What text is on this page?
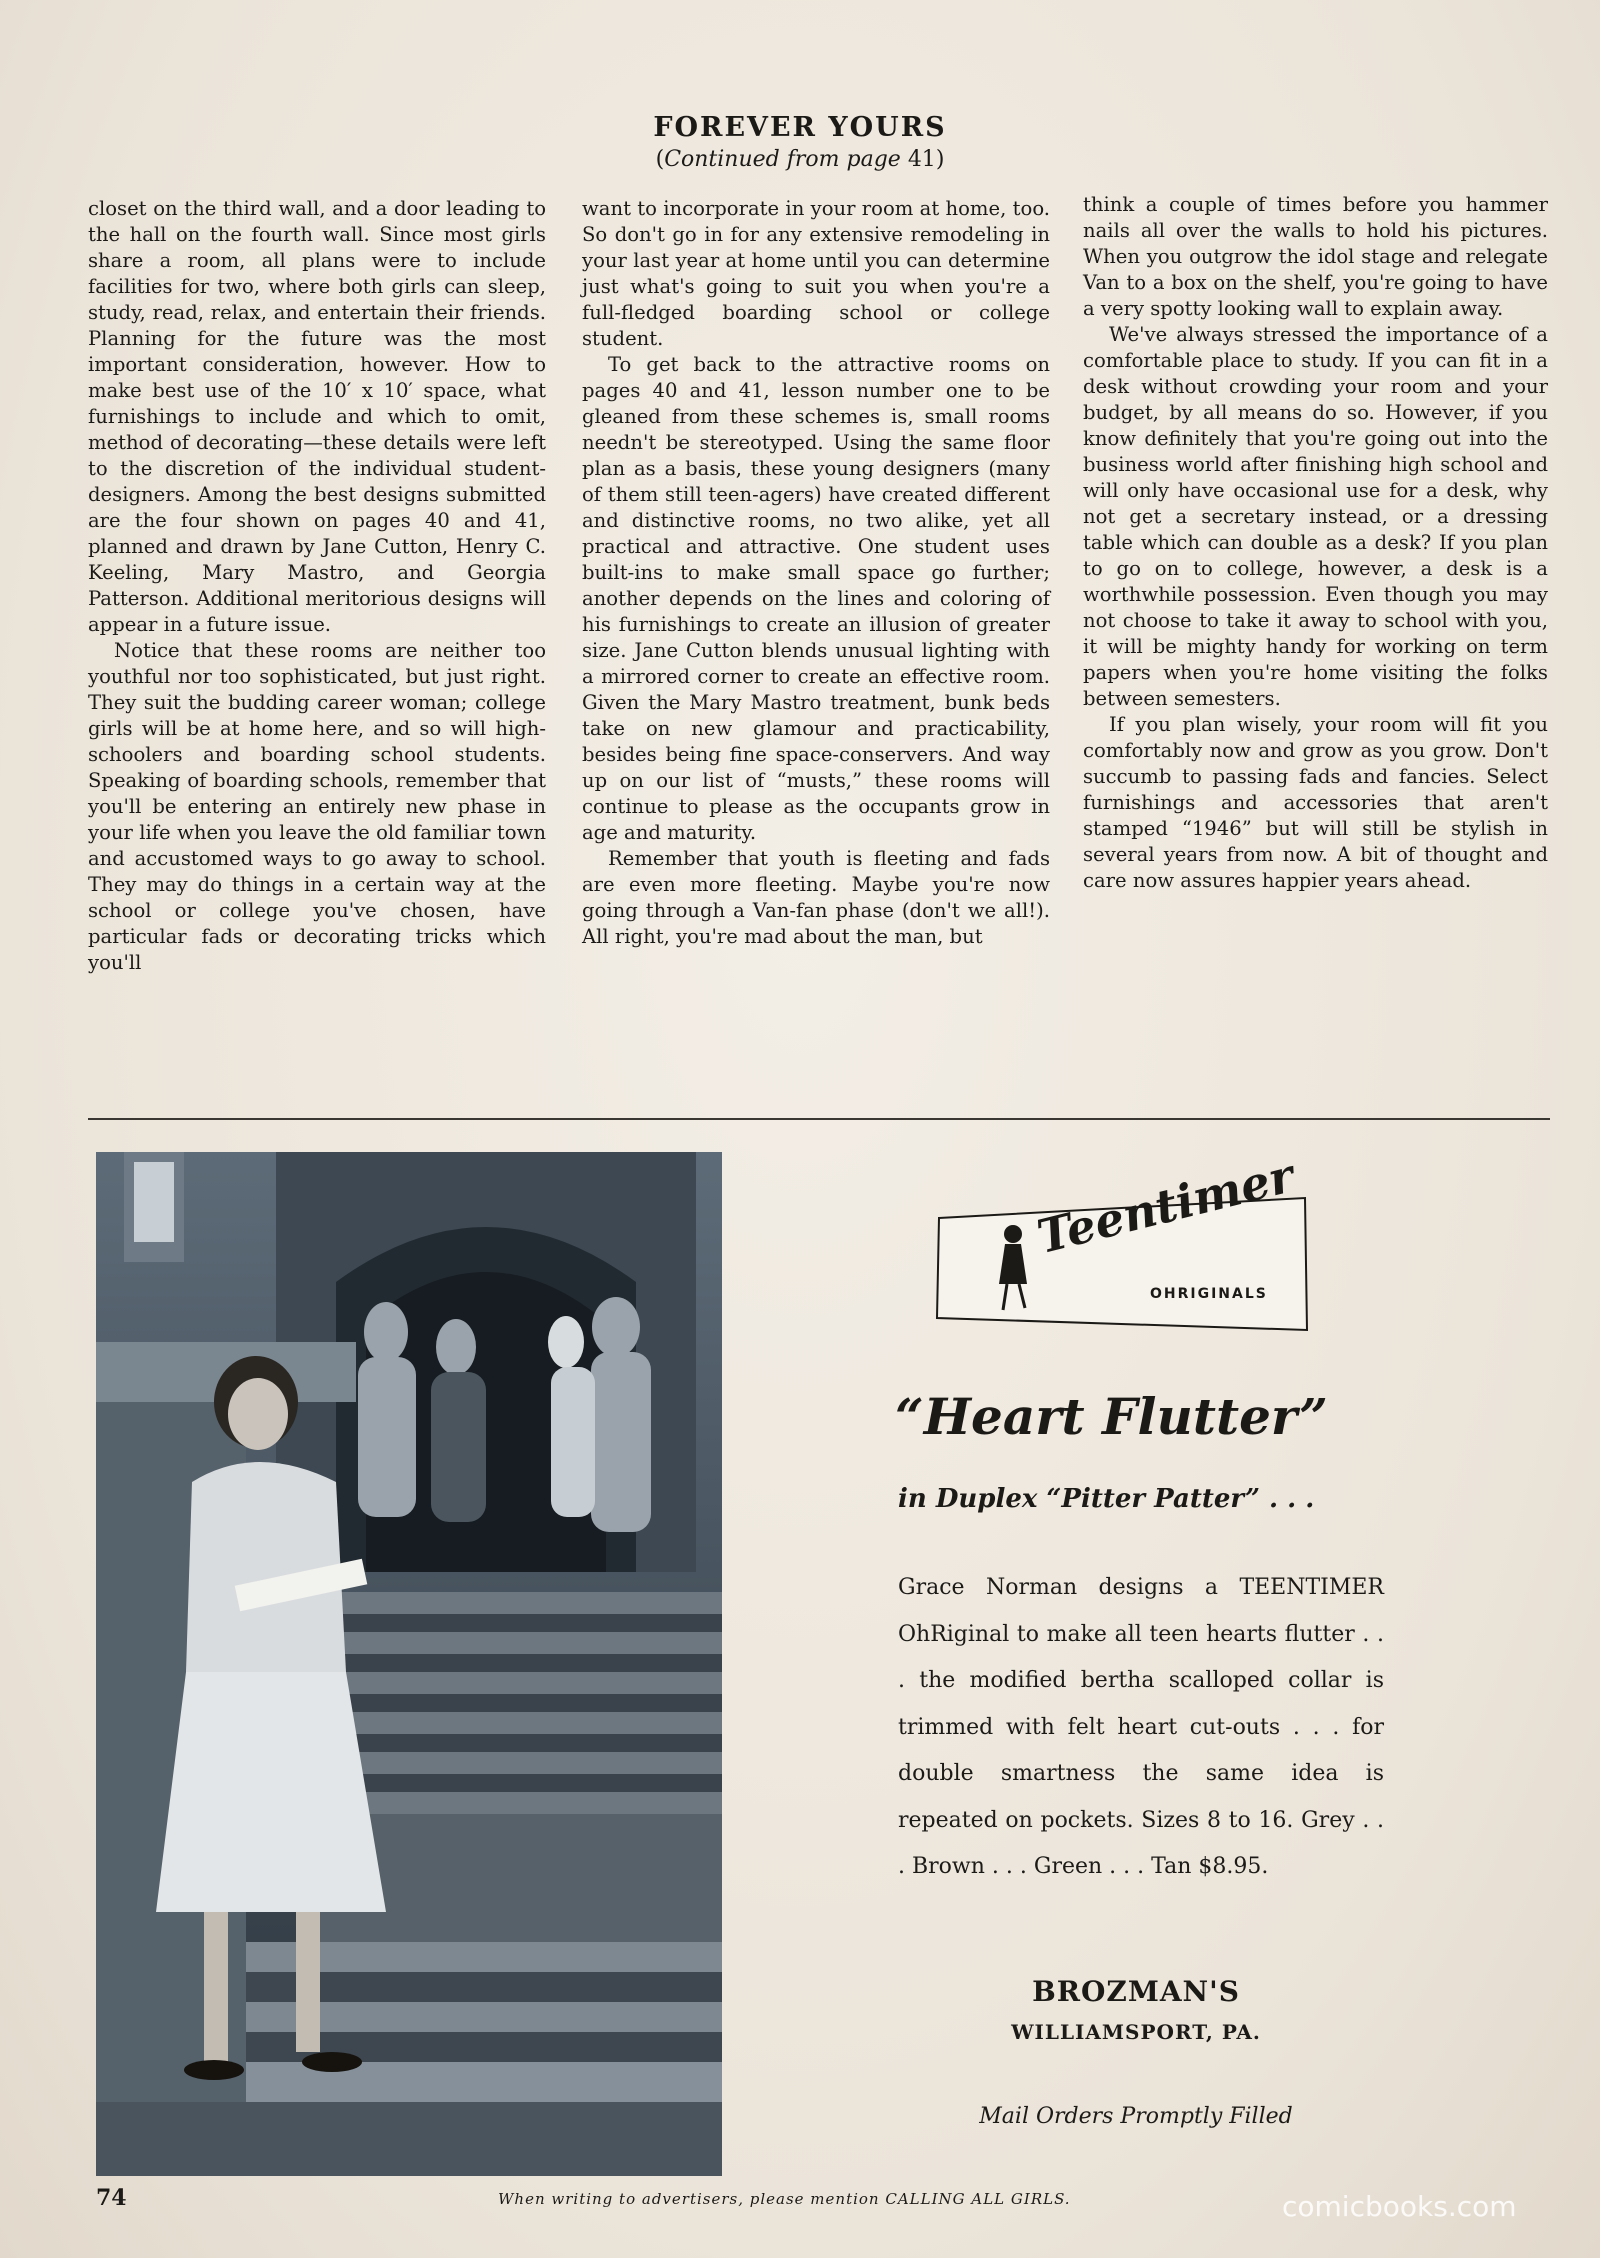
FOREVER YOURS
(Continued from page 41)

closet on the third wall, and a door leading to the hall on the fourth wall. Since most girls share a room, all plans were to include facilities for two, where both girls can sleep, study, read, relax, and entertain their friends. Planning for the future was the most important consideration, however. How to make best use of the 10′ x 10′ space, what furnishings to include and which to omit, method of decorating—these details were left to the discretion of the individual student-designers. Among the best designs submitted are the four shown on pages 40 and 41, planned and drawn by Jane Cutton, Henry C. Keeling, Mary Mastro, and Georgia Patterson. Additional meritorious designs will appear in a future issue.

Notice that these rooms are neither too youthful nor too sophisticated, but just right. They suit the budding career woman; college girls will be at home here, and so will high-schoolers and boarding school students. Speaking of boarding schools, remember that you'll be entering an entirely new phase in your life when you leave the old familiar town and accustomed ways to go away to school. They may do things in a certain way at the school or college you've chosen, have particular fads or decorating tricks which you'll

want to incorporate in your room at home, too. So don't go in for any extensive remodeling in your last year at home until you can determine just what's going to suit you when you're a full-fledged boarding school or college student.

To get back to the attractive rooms on pages 40 and 41, lesson number one to be gleaned from these schemes is, small rooms needn't be stereotyped. Using the same floor plan as a basis, these young designers (many of them still teen-agers) have created different and distinctive rooms, no two alike, yet all practical and attractive. One student uses built-ins to make small space go further; another depends on the lines and coloring of his furnishings to create an illusion of greater size. Jane Cutton blends unusual lighting with a mirrored corner to create an effective room. Given the Mary Mastro treatment, bunk beds take on new glamour and practicability, besides being fine space-conservers. And way up on our list of “musts,” these rooms will continue to please as the occupants grow in age and maturity.

Remember that youth is fleeting and fads are even more fleeting. Maybe you're now going through a Van-fan phase (don't we all!). All right, you're mad about the man, but

think a couple of times before you hammer nails all over the walls to hold his pictures. When you outgrow the idol stage and relegate Van to a box on the shelf, you're going to have a very spotty looking wall to explain away.

We've always stressed the importance of a comfortable place to study. If you can fit in a desk without crowding your room and your budget, by all means do so. However, if you know definitely that you're going out into the business world after finishing high school and will only have occasional use for a desk, why not get a secretary instead, or a dressing table which can double as a desk? If you plan to go on to college, however, a desk is a worthwhile possession. Even though you may not choose to take it away to school with you, it will be mighty handy for working on term papers when you're home visiting the folks between semesters.

If you plan wisely, your room will fit you comfortably now and grow as you grow. Don't succumb to passing fads and fancies. Select furnishings and accessories that aren't stamped “1946” but will still be stylish in several years from now. A bit of thought and care now assures happier years ahead.

Teentimer
OHRIGINALS
“Heart Flutter”
in Duplex “Pitter Patter” . . .
Grace Norman designs a TEENTIMER OhRiginal to make all teen hearts flutter . . . the modified bertha scalloped collar is trimmed with felt heart cut-outs . . . for double smartness the same idea is repeated on pockets. Sizes 8 to 16. Grey . . . Brown . . . Green . . . Tan $8.95.
BROZMAN'S
WILLIAMSPORT, PA.
Mail Orders Promptly Filled
74	When writing to advertisers, please mention CALLING ALL GIRLS.	comicbooks.com
